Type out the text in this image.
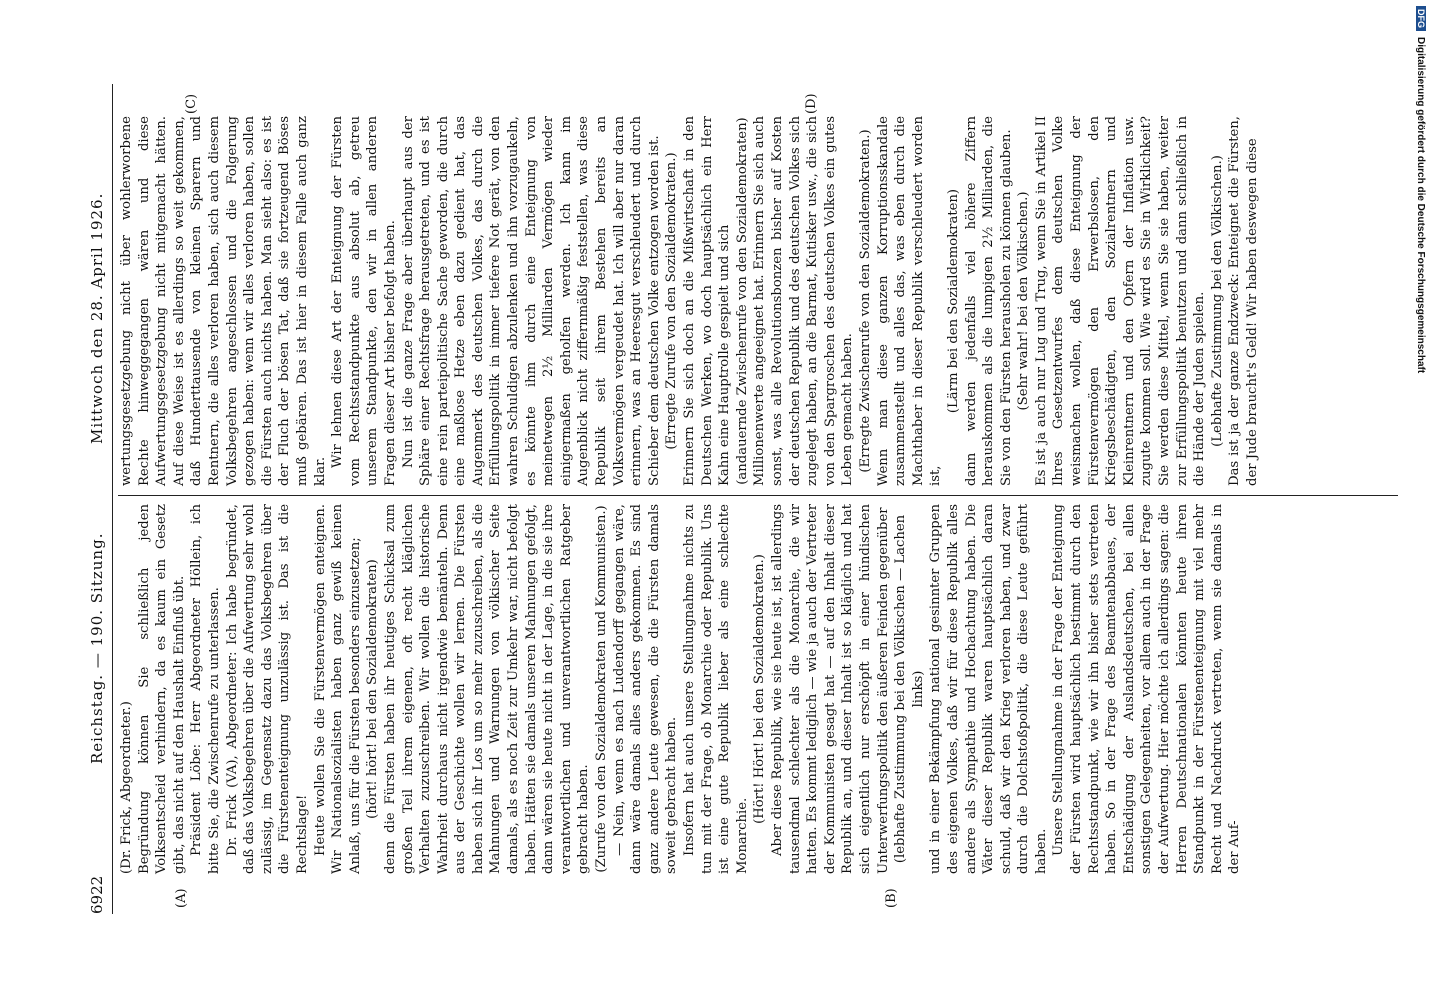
6922
Reichstag. — 190. Sitzung.
Mittwoch den 28. April 1926.

(Dr. Frick, Abgeordneter.) Begründung können Sie schließlich jeden Volksentscheid verhindern, da es kaum ein Gesetz gibt, das nicht auf den Haushalt Einfluß übt. Präsident Löbe: Herr Abgeordneter Höllein, ich bitte Sie, die Zwischenrufe zu unterlassen. Dr. Frick (VA), Abgeordneter: Ich habe begründet, daß das Volksbegehren über die Aufwertung sehr wohl zulässig, im Gegensatz dazu das Volksbegehren über die Fürstenenteignung unzulässig ist. Das ist die Rechtslage! Heute wollen Sie die Fürstenvermögen enteignen. Wir Nationalsozialisten haben ganz gewiß keinen Anlaß, uns für die Fürsten besonders einzusetzen; (hört! hört! bei den Sozialdemokraten) denn die Fürsten haben ihr heutiges Schicksal zum großen Teil ihrem eigenen, oft recht kläglichen Verhalten zuzuschreiben. Wir wollen die historische Wahrheit durchaus nicht irgendwie bemänteln. Denn aus der Geschichte wollen wir lernen. Die Fürsten haben sich ihr Los um so mehr zuzuschreiben, als die Mahnungen und Warnungen von völkischer Seite damals, als es noch Zeit zur Umkehr war, nicht befolgt haben. Hätten sie damals unseren Mahnungen gefolgt, dann wären sie heute nicht in der Lage, in die sie ihre verantwortlichen und unverantwortlichen Ratgeber gebracht haben. (Zurufe von den Sozialdemokraten und Kommunisten.) — Nein, wenn es nach Ludendorff gegangen wäre, dann wäre damals alles anders gekommen. Es sind ganz andere Leute gewesen, die die Fürsten damals soweit gebracht haben. Insofern hat auch unsere Stellungnahme nichts zu tun mit der Frage, ob Monarchie oder Republik. Uns ist eine gute Republik lieber als eine schlechte Monarchie.

(Hört! Hört! bei den Sozialdemokraten.) Aber diese Republik, wie sie heute ist, ist allerdings tausendmal schlechter als die Monarchie, die wir hatten. Es kommt lediglich — wie ja auch der Vertreter der Kommunisten gesagt hat — auf den Inhalt dieser Republik an, und dieser Inhalt ist so kläglich und hat sich eigentlich nur erschöpft in einer hündischen Unterwerfungspolitik den äußeren Feinden gegenüber (lebhafte Zustimmung bei den Völkischen — Lachen links) und in einer Bekämpfung national gesinnter Gruppen des eigenen Volkes, daß wir für diese Republik alles andere als Sympathie und Hochachtung haben. Die Väter dieser Republik waren hauptsächlich daran schuld, daß wir den Krieg verloren haben, und zwar durch die Dolchstoßpolitik, die diese Leute geführt haben. Unsere Stellungnahme in der Frage der Enteignung der Fürsten wird hauptsächlich bestimmt durch den Rechtsstandpunkt, wie wir ihn bisher stets vertreten haben. So in der Frage des Beamtenabbaues, der Entschädigung der Auslandsdeutschen, bei allen sonstigen Gelegenheiten, vor allem auch in der Frage der Aufwertung. Hier möchte ich allerdings sagen: die Herren Deutschnationalen könnten heute ihren Standpunkt in der Fürstenenteignung mit viel mehr Recht und Nachdruck vertreten, wenn sie damals in der Auf-

wertungsgesetzgebung nicht über wohlerworbene Rechte hinweggegangen wären und diese Aufwertungsgesetzgebung nicht mitgemacht hätten. Auf diese Weise ist es allerdings so weit gekommen, daß Hunderttausende von kleinen Sparern und Rentnern, die alles verloren haben, sich auch diesem Volksbegehren angeschlossen und die Folgerung gezogen haben: wenn wir alles verloren haben, sollen die Fürsten auch nichts haben. Man sieht also: es ist der Fluch der bösen Tat, daß sie fortzeugend Böses muß gebären. Das ist hier in diesem Falle auch ganz klar.

Wir lehnen diese Art der Enteignung der Fürsten vom Rechtsstandpunkte aus absolut ab, getreu unserem Standpunkte, den wir in allen anderen Fragen dieser Art bisher befolgt haben. Nun ist die ganze Frage aber überhaupt aus der Sphäre einer Rechtsfrage herausgetreten, und es ist eine rein parteipolitische Sache geworden, die durch eine maßlose Hetze eben dazu gedient hat, das Augenmerk des deutschen Volkes, das durch die Erfüllungspolitik in immer tiefere Not gerät, von den wahren Schuldigen abzulenken und ihn vorzugaukeln, es könnte ihm durch eine Enteignung von meinetwegen 2½ Milliarden Vermögen wieder einigermaßen geholfen werden. Ich kann im Augenblick nicht ziffernmäßig feststellen, was diese Republik seit ihrem Bestehen bereits an Volksvermögen vergeudet hat. Ich will aber nur daran erinnern, was an Heeresgut verschleudert und durch Schieber dem deutschen Volke entzogen worden ist. (Erregte Zurufe von den Sozialdemokraten.) Erinnern Sie sich doch an die Mißwirtschaft in den Deutschen Werken, wo doch hauptsächlich ein Herr Kahn eine Hauptrolle gespielt und sich (andauernde Zwischenrufe von den Sozialdemokraten) Millionenwerte angeeignet hat. Erinnern Sie sich auch sonst, was alle Revolutionsbonzen bisher auf Kosten der deutschen Republik und des deutschen Volkes sich zugelegt haben, an die Barmat, Kutisker usw., die sich von den Spargroschen des deutschen Volkes ein gutes Leben gemacht haben. (Erregte Zwischenrufe von den Sozialdemokraten.) Wenn man diese ganzen Korruptionsskandale zusammenstellt und alles das, was eben durch die Machthaber in dieser Republik verschleudert worden ist,

(Lärm bei den Sozialdemokraten) dann werden jedenfalls viel höhere Ziffern herauskommen als die lumpigen 2½ Milliarden, die Sie von den Fürsten herausholen zu können glauben. (Sehr wahr! bei den Völkischen.) Es ist ja auch nur Lug und Trug, wenn Sie in Artikel II Ihres Gesetzentwurfes dem deutschen Volke weismachen wollen, daß diese Enteignung der Fürstenvermögen den Erwerbslosen, den Kriegsbeschädigten, den Sozialrentnern und Kleinrentnern und den Opfern der Inflation usw. zugute kommen soll. Wie wird es Sie in Wirklichkeit? Sie werden diese Mittel, wenn Sie sie haben, weiter zur Erfüllungspolitik benutzen und dann schließlich in die Hände der Juden spielen. (Lebhafte Zustimmung bei den Völkischen.) Das ist ja der ganze Endzweck: Enteignet die Fürsten, der Jude braucht's Geld! Wir haben deswegen diese

(A)	(B)
(C)	(D)
DFGDigitalisierung gefördert durch die Deutsche Forschungsgemeinschaft
